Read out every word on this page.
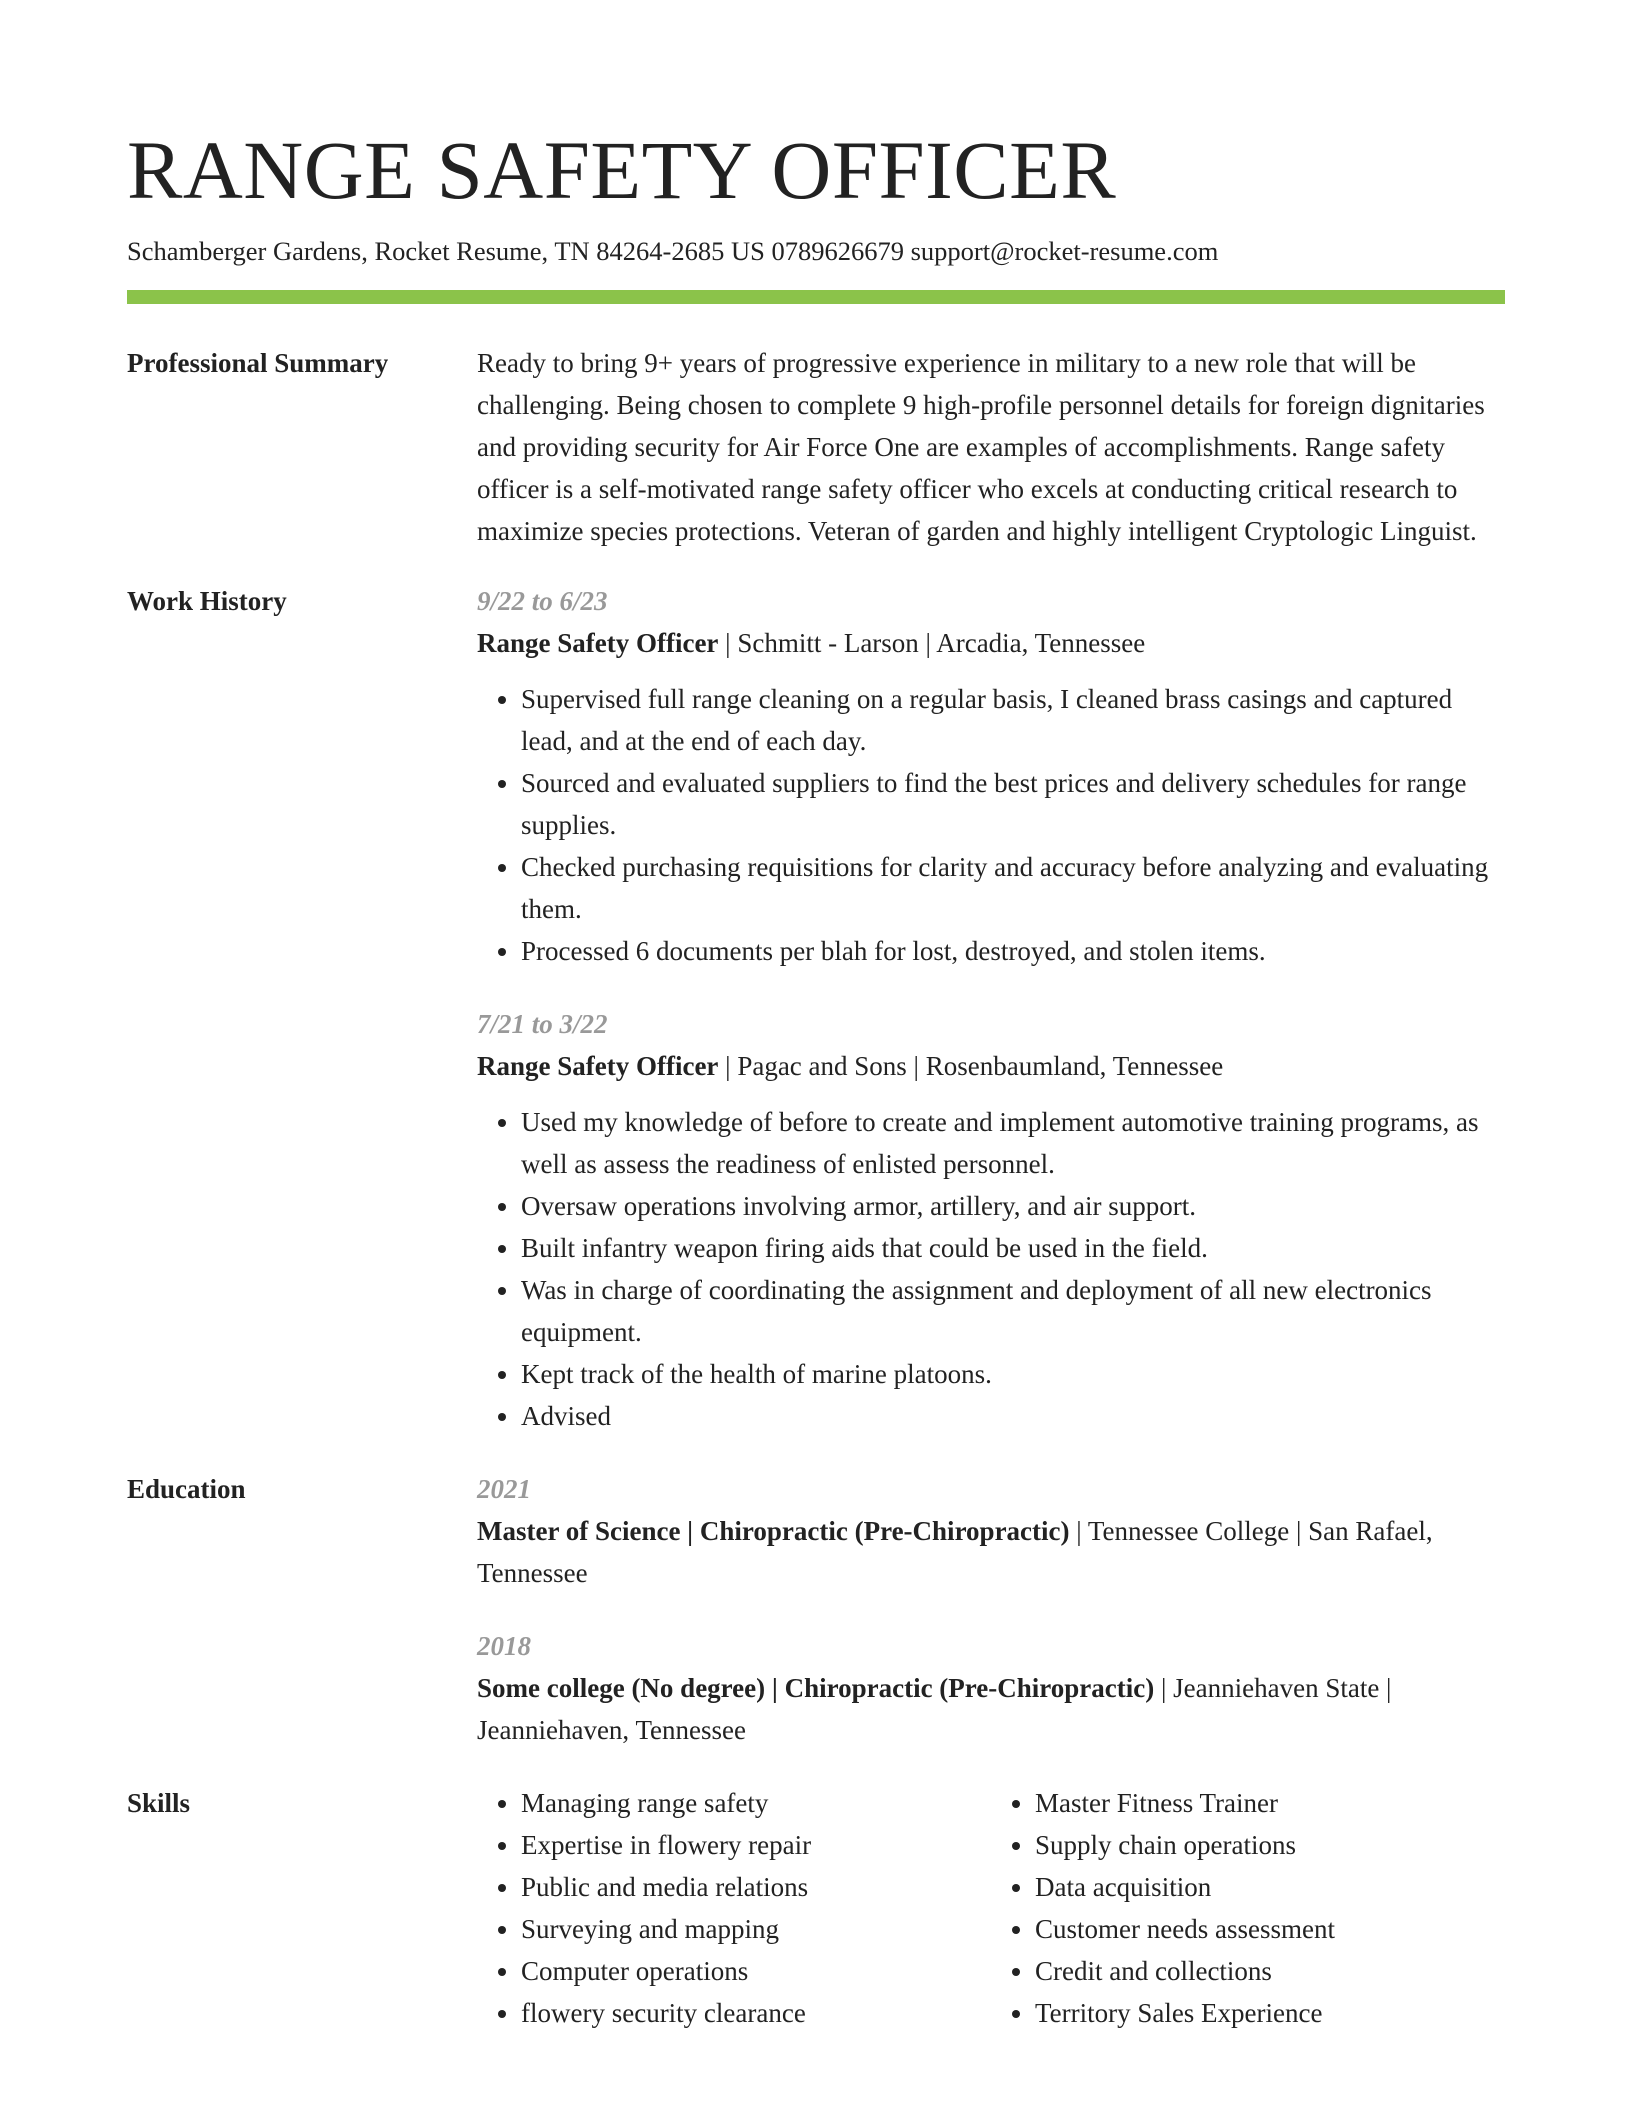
RANGE SAFETY OFFICER
Schamberger Gardens, Rocket Resume, TN 84264-2685 US 0789626679 support@rocket-resume.com
Professional Summary	Ready to bring 9+ years of progressive experience in military to a new role that will be challenging. Being chosen to complete 9 high-profile personnel details for foreign dignitaries and providing security for Air Force One are examples of accomplishments. Range safety officer is a self-motivated range safety officer who excels at conducting critical research to maximize species protections. Veteran of garden and highly intelligent Cryptologic Linguist.
Work History	9/22 to 6/23
Range Safety Officer | Schmitt - Larson | Arcadia, Tennessee
• Supervised full range cleaning on a regular basis, I cleaned brass casings and captured lead, and at the end of each day.
• Sourced and evaluated suppliers to find the best prices and delivery schedules for range supplies.
• Checked purchasing requisitions for clarity and accuracy before analyzing and evaluating them.
• Processed 6 documents per blah for lost, destroyed, and stolen items.
7/21 to 3/22
Range Safety Officer | Pagac and Sons | Rosenbaumland, Tennessee
• Used my knowledge of before to create and implement automotive training programs, as well as assess the readiness of enlisted personnel.
• Oversaw operations involving armor, artillery, and air support.
• Built infantry weapon firing aids that could be used in the field.
• Was in charge of coordinating the assignment and deployment of all new electronics equipment.
• Kept track of the health of marine platoons.
• Advised
Education	2021
Master of Science | Chiropractic (Pre-Chiropractic) | Tennessee College | San Rafael, Tennessee
2018
Some college (No degree) | Chiropractic (Pre-Chiropractic) | Jeanniehaven State | Jeanniehaven, Tennessee
Skills
•	Managing range safety
• Expertise in flowery repair
• Public and media relations
• Surveying and mapping
• Computer operations
• flowery security clearance
• Master Fitness Trainer
• Supply chain operations
• Data acquisition
• Customer needs assessment
• Credit and collections
• Territory Sales Experience
